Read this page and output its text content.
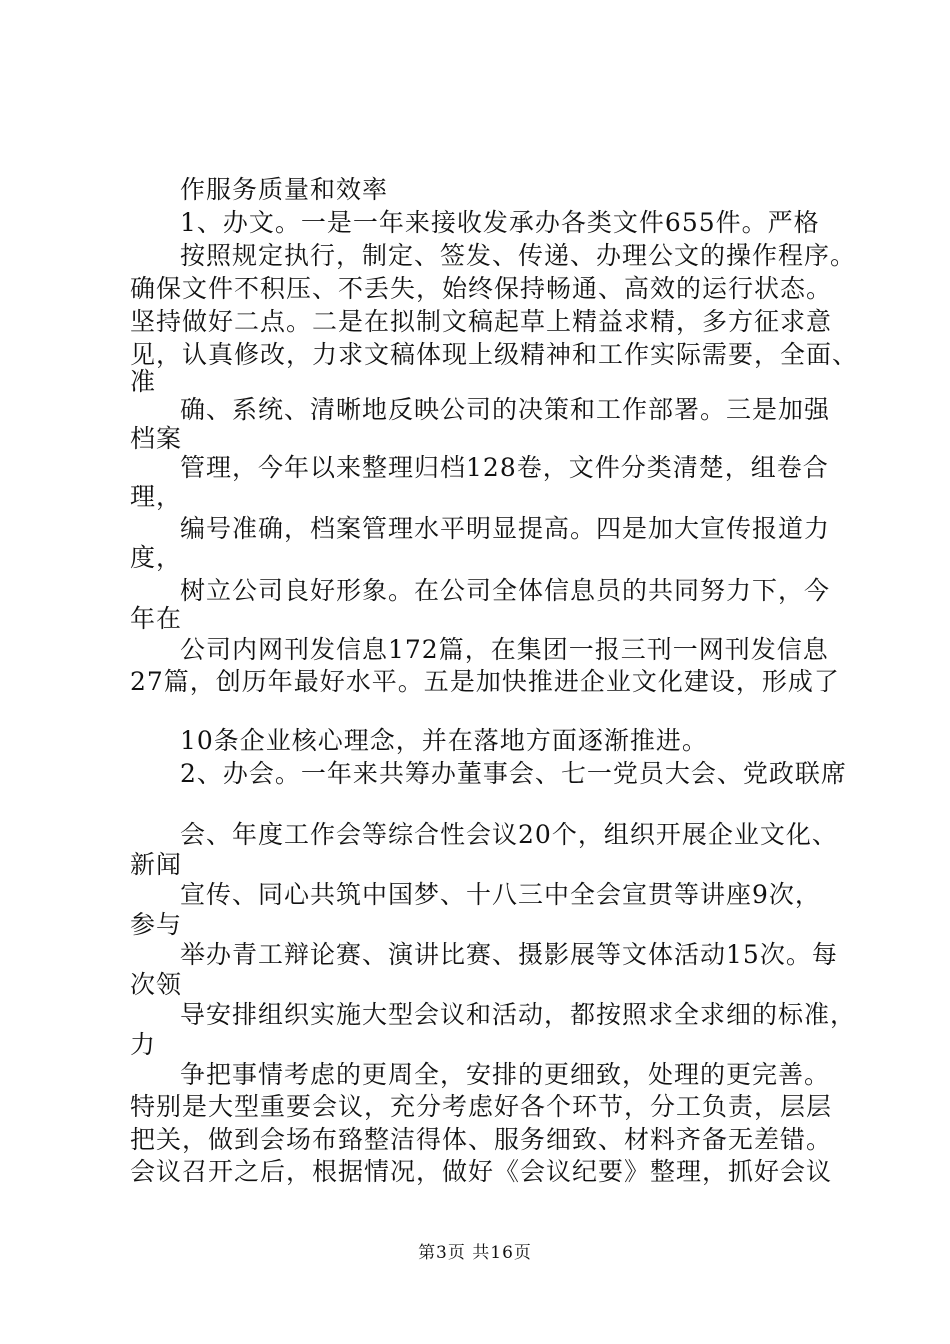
作服务质量和效率
1、办文。一是一年来接收发承办各类文件655件。严格
按照规定执行，制定、签发、传递、办理公文的操作程序。
确保文件不积压、不丢失，始终保持畅通、高效的运行状态。
坚持做好二点。二是在拟制文稿起草上精益求精，多方征求意
见，认真修改，力求文稿体现上级精神和工作实际需要，全面、
准
确、系统、清晰地反映公司的决策和工作部署。三是加强
档案
管理，今年以来整理归档128卷，文件分类清楚，组卷合
理，
编号准确，档案管理水平明显提高。四是加大宣传报道力
度，
树立公司良好形象。在公司全体信息员的共同努力下，今
年在
公司内网刊发信息172篇，在集团一报三刊一网刊发信息
27篇，创历年最好水平。五是加快推进企业文化建设，形成了
10条企业核心理念，并在落地方面逐渐推进。
2、办会。一年来共筹办董事会、七一党员大会、党政联席
会、年度工作会等综合性会议20个，组织开展企业文化、
新闻
宣传、同心共筑中国梦、十八三中全会宣贯等讲座9次，
参与
举办青工辩论赛、演讲比赛、摄影展等文体活动15次。每
次领
导安排组织实施大型会议和活动，都按照求全求细的标准，
力
争把事情考虑的更周全，安排的更细致，处理的更完善。
特别是大型重要会议，充分考虑好各个环节，分工负责，层层
把关，做到会场布臵整洁得体、服务细致、材料齐备无差错。
会议召开之后，根据情况，做好《会议纪要》整理，抓好会议
第3页 共16页
